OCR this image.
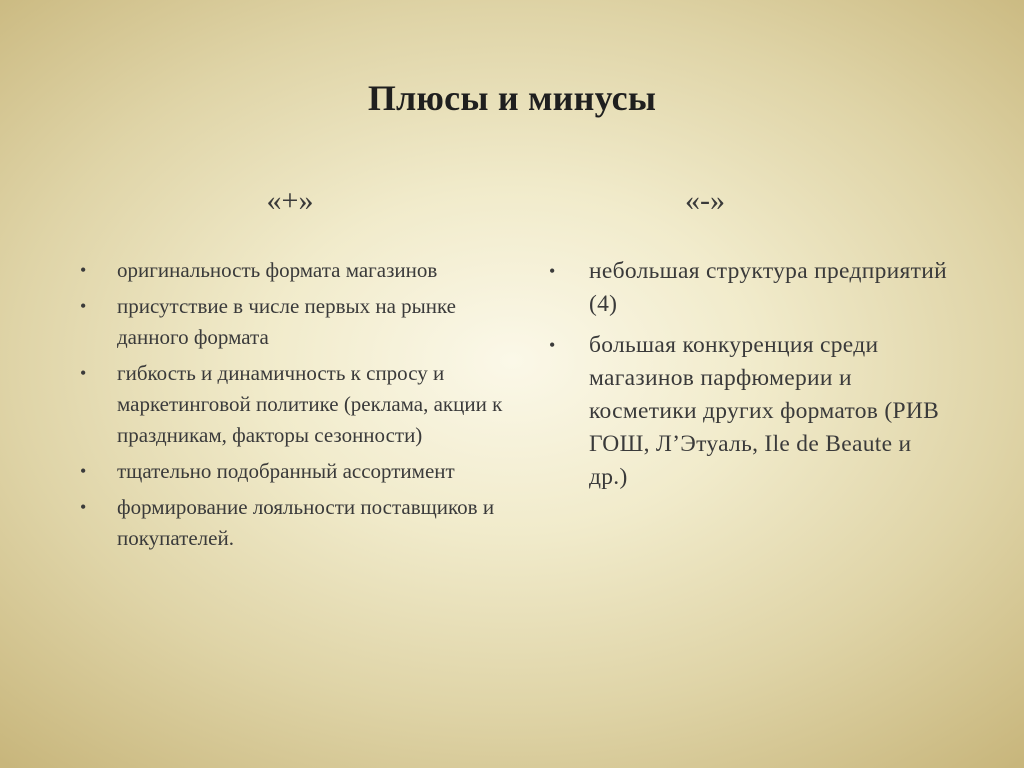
Плюсы и минусы
«+»	«-»
• оригинальность формата магазинов
• присутствие в числе первых на рынке данного формата
• гибкость и динамичность к спросу и маркетинговой политике (реклама, акции к праздникам, факторы сезонности)
• тщательно подобранный ассортимент
• формирование лояльности поставщиков и покупателей.
• небольшая структура предприятий (4)
• большая конкуренция среди магазинов парфюмерии и косметики других форматов (РИВ ГОШ, Л’Этуаль, Ile de Beaute и др.)
